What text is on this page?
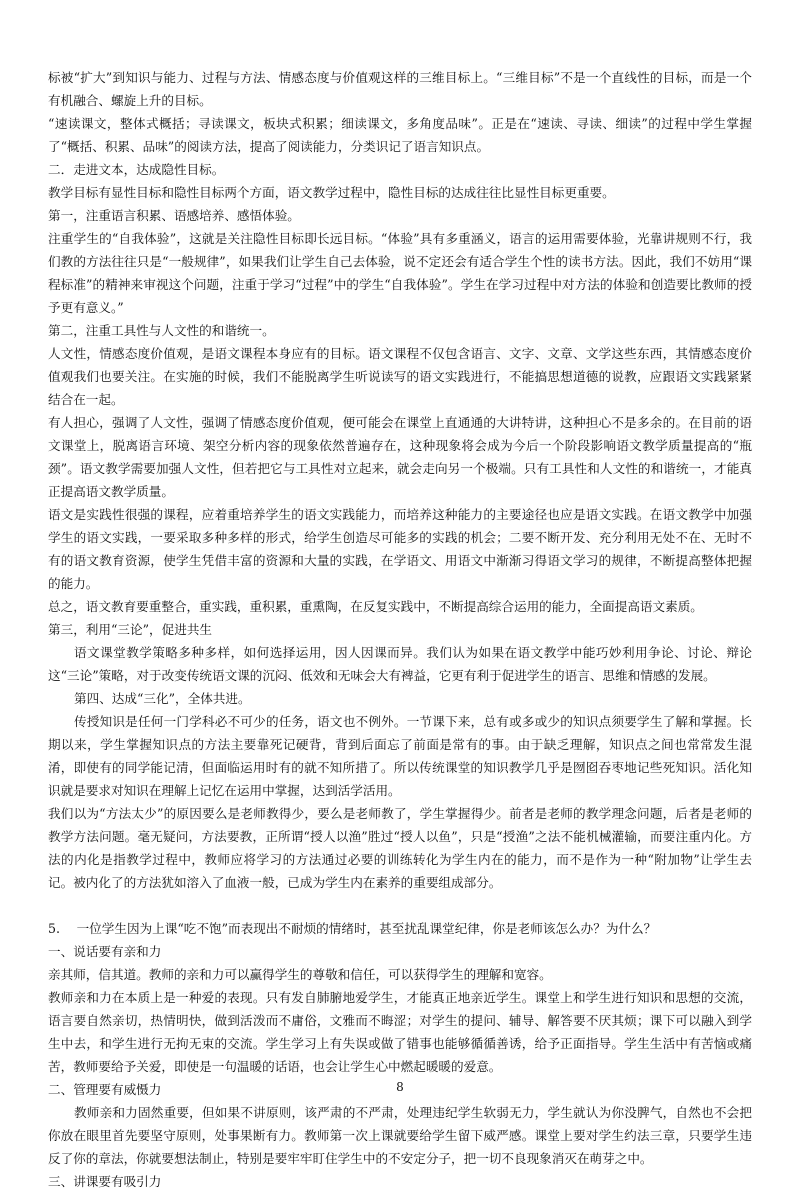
标被“扩大”到知识与能力、过程与方法、情感态度与价值观这样的三维目标上。“三维目标”不是一个直线性的目标，而是一个有机融合、螺旋上升的目标。

“速读课文，整体式概括；寻读课文，板块式积累；细读课文，多角度品味”。正是在“速读、寻读、细读”的过程中学生掌握了“概括、积累、品味”的阅读方法，提高了阅读能力，分类识记了语言知识点。

二．走进文本，达成隐性目标。

教学目标有显性目标和隐性目标两个方面，语文教学过程中，隐性目标的达成往往比显性目标更重要。

第一，注重语言积累、语感培养、感悟体验。

注重学生的“自我体验”，这就是关注隐性目标即长远目标。“体验”具有多重涵义，语言的运用需要体验，光靠讲规则不行，我们教的方法往往只是“一般规律”，如果我们让学生自己去体验，说不定还会有适合学生个性的读书方法。因此，我们不妨用“课程标准”的精神来审视这个问题，注重于学习“过程”中的学生“自我体验”。学生在学习过程中对方法的体验和创造要比教师的授予更有意义。”

第二，注重工具性与人文性的和谐统一。

人文性，情感态度价值观，是语文课程本身应有的目标。语文课程不仅包含语言、文字、文章、文学这些东西，其情感态度价值观我们也要关注。在实施的时候，我们不能脱离学生听说读写的语文实践进行，不能搞思想道德的说教，应跟语文实践紧紧结合在一起。

有人担心，强调了人文性，强调了情感态度价值观，便可能会在课堂上直通通的大讲特讲，这种担心不是多余的。在目前的语文课堂上，脱离语言环境、架空分析内容的现象依然普遍存在，这种现象将会成为今后一个阶段影响语文教学质量提高的“瓶颈”。语文教学需要加强人文性，但若把它与工具性对立起来，就会走向另一个极端。只有工具性和人文性的和谐统一，才能真正提高语文教学质量。

语文是实践性很强的课程，应着重培养学生的语文实践能力，而培养这种能力的主要途径也应是语文实践。在语文教学中加强学生的语文实践，一要采取多种多样的形式，给学生创造尽可能多的实践的机会；二要不断开发、充分利用无处不在、无时不有的语文教育资源，使学生凭借丰富的资源和大量的实践，在学语文、用语文中渐渐习得语文学习的规律，不断提高整体把握的能力。

总之，语文教育要重整合，重实践，重积累，重熏陶，在反复实践中，不断提高综合运用的能力，全面提高语文素质。

第三，利用“三论”，促进共生

语文课堂教学策略多种多样，如何选择运用，因人因课而异。我们认为如果在语文教学中能巧妙利用争论、讨论、辩论这“三论”策略，对于改变传统语文课的沉闷、低效和无味会大有裨益，它更有利于促进学生的语言、思维和情感的发展。

第四、达成“三化”，全体共进。

传授知识是任何一门学科必不可少的任务，语文也不例外。一节课下来，总有或多或少的知识点须要学生了解和掌握。长期以来，学生掌握知识点的方法主要靠死记硬背，背到后面忘了前面是常有的事。由于缺乏理解，知识点之间也常常发生混淆，即使有的同学能记清，但面临运用时有的就不知所措了。所以传统课堂的知识教学几乎是囫囵吞枣地记些死知识。活化知识就是要求对知识在理解上记忆在运用中掌握，达到活学活用。

我们以为“方法太少”的原因要么是老师教得少，要么是老师教了，学生掌握得少。前者是老师的教学理念问题，后者是老师的教学方法问题。毫无疑问，方法要教，正所谓“授人以渔”胜过“授人以鱼”，只是“授渔”之法不能机械灌输，而要注重内化。方法的内化是指教学过程中，教师应将学习的方法通过必要的训练转化为学生内在的能力，而不是作为一种“附加物”让学生去记。被内化了的方法犹如溶入了血液一般，已成为学生内在素养的重要组成部分。

5.　 一位学生因为上课“吃不饱”而表现出不耐烦的情绪时，甚至扰乱课堂纪律，你是老师该怎么办？为什么？

一、说话要有亲和力

亲其师，信其道。教师的亲和力可以赢得学生的尊敬和信任，可以获得学生的理解和宽容。

教师亲和力在本质上是一种爱的表现。只有发自肺腑地爱学生，才能真正地亲近学生。课堂上和学生进行知识和思想的交流，语言要自然亲切，热情明快，做到活泼而不庸俗，文雅而不晦涩；对学生的提问、辅导、解答要不厌其烦；课下可以融入到学生中去，和学生进行无拘无束的交流。学生学习上有失误或做了错事也能够循循善诱，给予正面指导。学生生活中有苦恼或痛苦，教师要给予关爱，即使是一句温暖的话语，也会让学生心中燃起暖暖的爱意。

二、管理要有威慑力

教师亲和力固然重要，但如果不讲原则，该严肃的不严肃，处理违纪学生软弱无力，学生就认为你没脾气，自然也不会把你放在眼里首先要坚守原则，处事果断有力。教师第一次上课就要给学生留下威严感。课堂上要对学生约法三章，只要学生违反了你的章法，你就要想法制止，特别是要牢牢盯住学生中的不安定分子，把一切不良现象消灭在萌芽之中。

三、讲课要有吸引力

8
